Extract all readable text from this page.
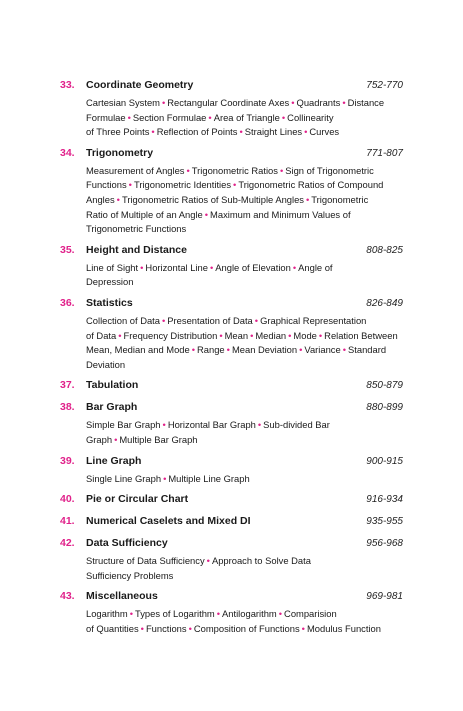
33.	Coordinate Geometry	752-770
Cartesian System • Rectangular Coordinate Axes • Quadrants • Distance
Formulae • Section Formulae • Area of Triangle • Collinearity
of Three Points • Reflection of Points • Straight Lines • Curves
34.	Trigonometry	771-807
Measurement of Angles • Trigonometric Ratios • Sign of Trigonometric
Functions • Trigonometric Identities • Trigonometric Ratios of Compound
Angles • Trigonometric Ratios of Sub-Multiple Angles • Trigonometric
Ratio of Multiple of an Angle • Maximum and Minimum Values of
Trigonometric Functions
35.	Height and Distance	808-825
Line of Sight • Horizontal Line • Angle of Elevation • Angle of
Depression
36.	Statistics	826-849
Collection of Data • Presentation of Data • Graphical Representation
of Data • Frequency Distribution • Mean • Median • Mode • Relation Between
Mean, Median and Mode • Range • Mean Deviation • Variance • Standard
Deviation
37.	Tabulation	850-879
38.	Bar Graph	880-899
Simple Bar Graph • Horizontal Bar Graph • Sub-divided Bar
Graph • Multiple Bar Graph
39.	Line Graph	900-915
Single Line Graph • Multiple Line Graph
40.	Pie or Circular Chart	916-934
41.	Numerical Caselets and Mixed DI	935-955
42.	Data Sufficiency	956-968
Structure of Data Sufficiency • Approach to Solve Data
Sufficiency Problems
43.	Miscellaneous	969-981
Logarithm • Types of Logarithm • Antilogarithm • Comparision
of Quantities • Functions • Composition of Functions • Modulus Function
